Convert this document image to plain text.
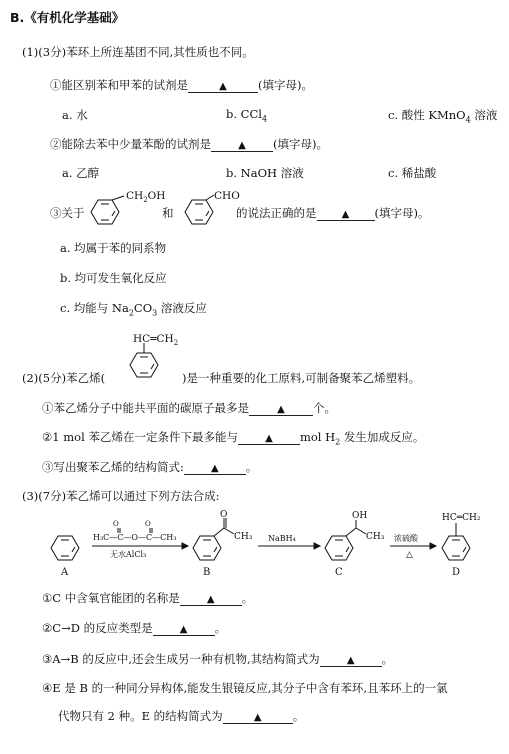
B.《有机化学基础》
(1)(3分)苯环上所连基团不同,其性质也不同。
①能区别苯和甲苯的试剂是	▲	(填字母)。
a. 水	b. CCl$_4$	c. 酸性 KMnO$_4$ 溶液
②能除去苯中少量苯酚的试剂是	▲ (填字母)。
a. 乙醇	b. NaOH 溶液	c. 稀盐酸
③关于
$CH_2OH$
和
CHO
的说法正确的是	▲ (填字母)。
a. 均属于苯的同系物
b. 均可发生氧化反应
c. 均能与 $Na_2CO_3$ 溶液反应
$HC═CH_2$
(2)(5分)苯乙烯(	)是一种重要的化工原料,可制备聚苯乙烯塑料。
①苯乙烯分子中能共平面的碳原子最多是	▲ 个。
②1 mol 苯乙烯在一定条件下最多能与	▲ mol $H_2$ 发生加成反应。
③写出聚苯乙烯的结构简式:	▲ 。
(3)(7分)苯乙烯可以通过下列方法合成:
H₃C—C—O—C—CH₃
O	O
无水AlCl₃
O
CH₃ NaBH₄
OH
CH₃ 浓硫酸
△
HC═CH₂
A	B	C	D
①C 中含氧官能团的名称是	▲ 。
②C→D 的反应类型是	▲ 。
③A→B 的反应中,还会生成另一种有机物,其结构简式为	▲ 。
④E 是 B 的一种同分异构体,能发生银镜反应,其分子中含有苯环,且苯环上的一氯
代物只有 2 种。E 的结构简式为	▲	。
